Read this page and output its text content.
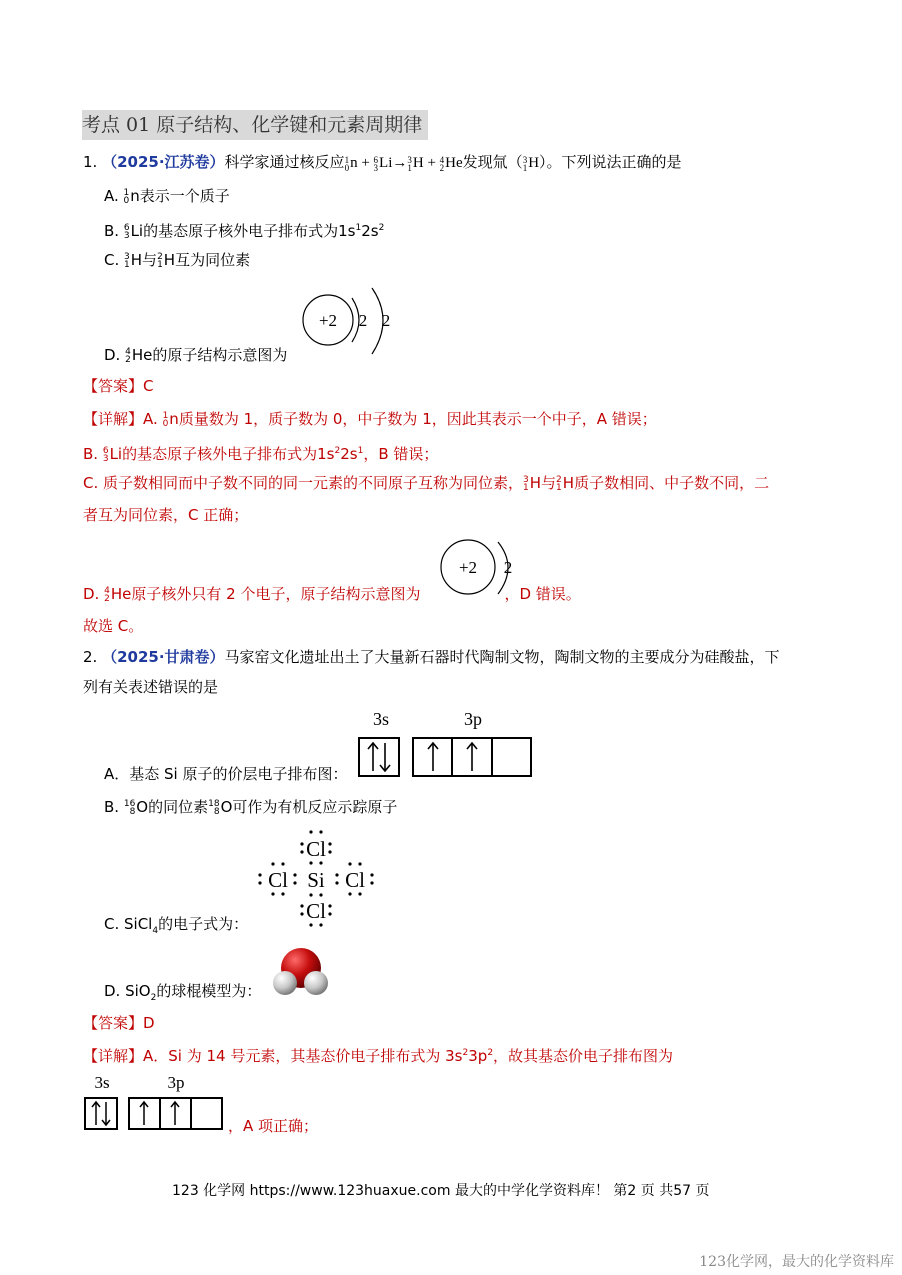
考点 01 原子结构、化学键和元素周期律
1. （2025·江苏卷）科学家通过核反应 1
0 n + 6
3 Li→ 3
1 H + 4
2 He发现氚（ 3
1 H）。下列说法正确的是
A. 1
0 n表示一个质子
B. 6
3 Li的基态原子核外电子排布式为$1s^12s^2$
C. 3
1 H与 2
1 H互为同位素
+2 2 2
D. 4
2 He的原子结构示意图为
【答案】C
【详解】A. 1
0 n质量数为 1，质子数为 0，中子数为 1，因此其表示一个中子，A 错误；
B. 6
3 Li的基态原子核外电子排布式为$1s^22s^1$，B 错误；
C. 质子数相同而中子数不同的同一元素的不同原子互称为同位素， 3
1 H与 2
1 H质子数相同、中子数不同，二
者互为同位素，C 正确；
+2 2
D. 4
2 He原子核外只有 2 个电子，原子结构示意图为	，D 错误。
故选 C。
2. （2025·甘肃卷）马家窑文化遗址出土了大量新石器时代陶制文物，陶制文物的主要成分为硅酸盐，下
列有关表述错误的是
3s	3p
A．基态 Si 原子的价层电子排布图：
B. 16
8 O的同位素 18
8 O可作为有机反应示踪原子
Cl
Cl Si Cl
Cl
C. SiCl$_4$的电子式为：
D. SiO$_2$的球棍模型为：
【答案】D
【详解】A．Si 为 14 号元素，其基态价电子排布式为 $3s^23p^2$，故其基态价电子排布图为
3s	3p
，A 项正确；
123 化学网 https://www.123huaxue.com 最大的中学化学资料库！ 第2 页 共57 页
123化学网，最大的化学资料库
